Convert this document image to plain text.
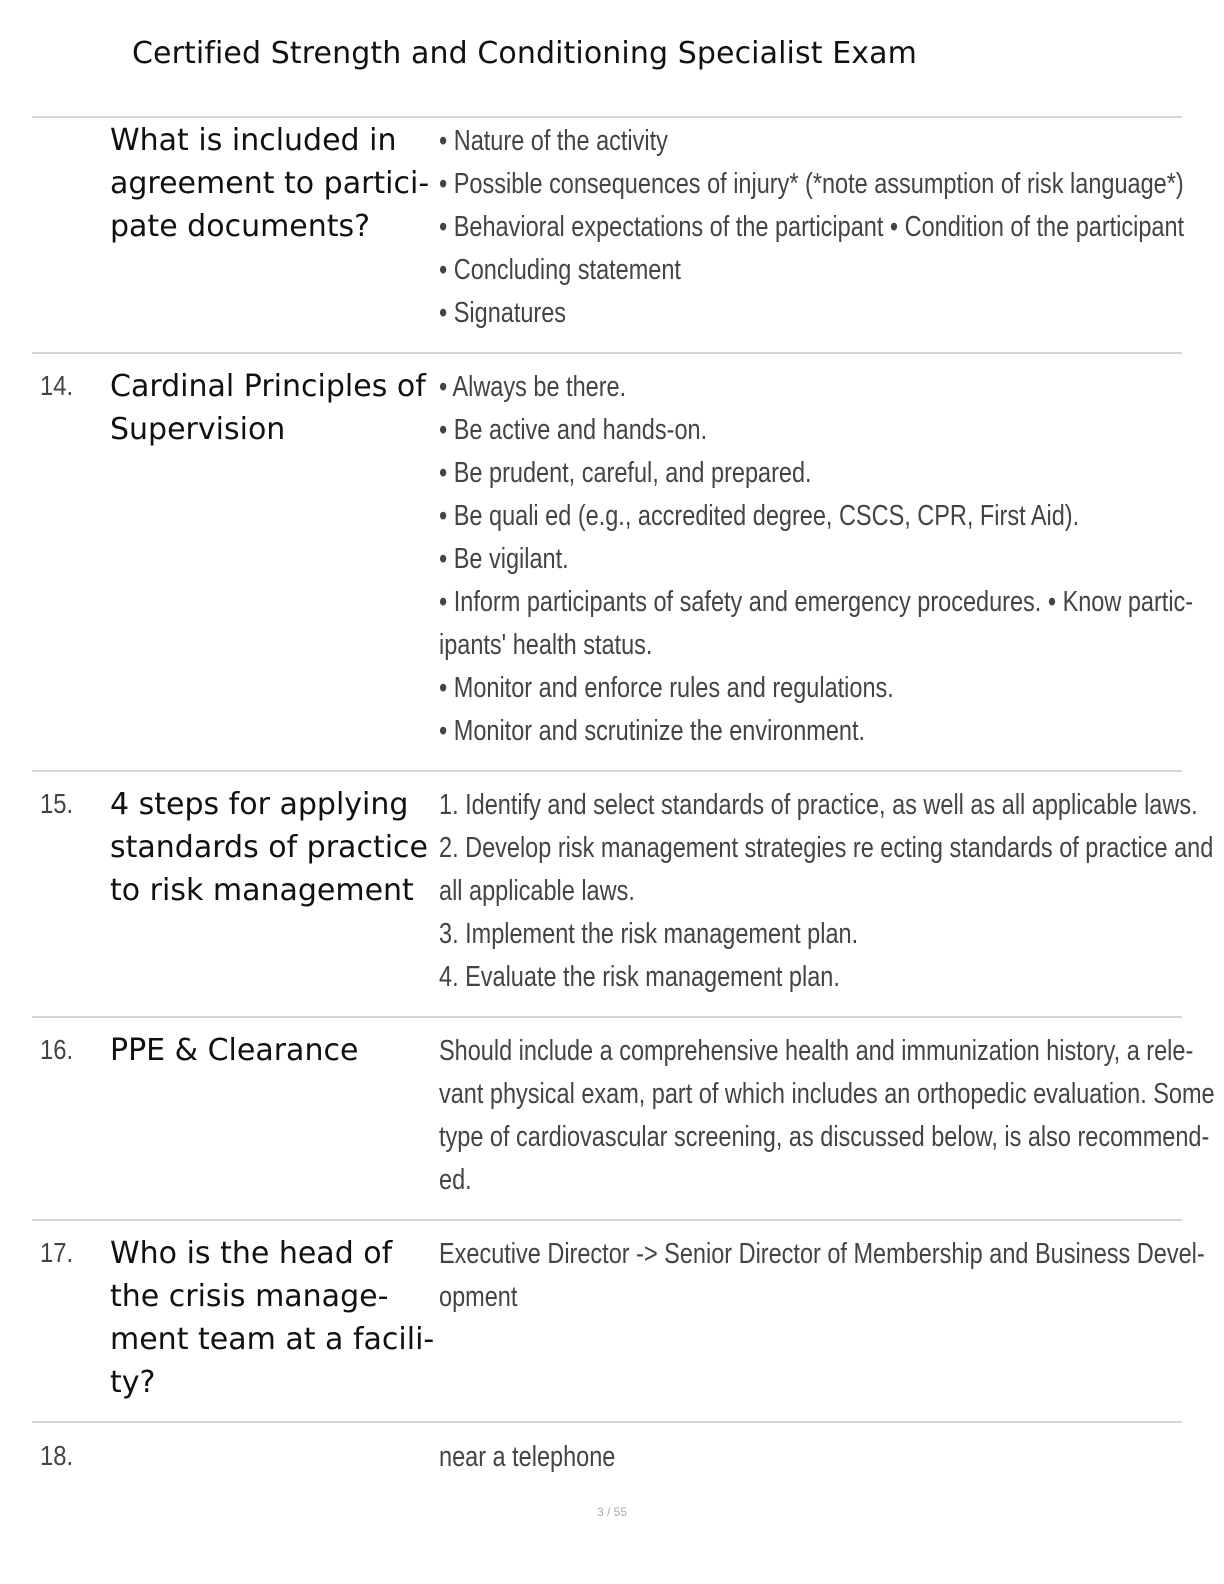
Certified Strength and Conditioning Specialist Exam
What is included in
agreement to partici-
pate documents?
• Nature of the activity
• Possible consequences of injury* (*note assumption of risk language*)
• Behavioral expectations of the participant • Condition of the participant
• Concluding statement
• Signatures
14. Cardinal Principles of
Supervision
• Always be there.
• Be active and hands-on.
• Be prudent, careful, and prepared.
• Be quali ed (e.g., accredited degree, CSCS, CPR, First Aid).
• Be vigilant.
• Inform participants of safety and emergency procedures. • Know partic-
ipants' health status.
• Monitor and enforce rules and regulations.
• Monitor and scrutinize the environment.
15. 4 steps for applying
standards of practice
to risk management
1. Identify and select standards of practice, as well as all applicable laws.
2. Develop risk management strategies re ecting standards of practice and
all applicable laws.
3. Implement the risk management plan.
4. Evaluate the risk management plan.
16. PPE & Clearance	Should include a comprehensive health and immunization history, a rele-
vant physical exam, part of which includes an orthopedic evaluation. Some
type of cardiovascular screening, as discussed below, is also recommend-
ed.
17. Who is the head of
the crisis manage-
ment team at a facili-
ty?
Executive Director -> Senior Director of Membership and Business Devel-
opment
18.	near a telephone
3 / 55
